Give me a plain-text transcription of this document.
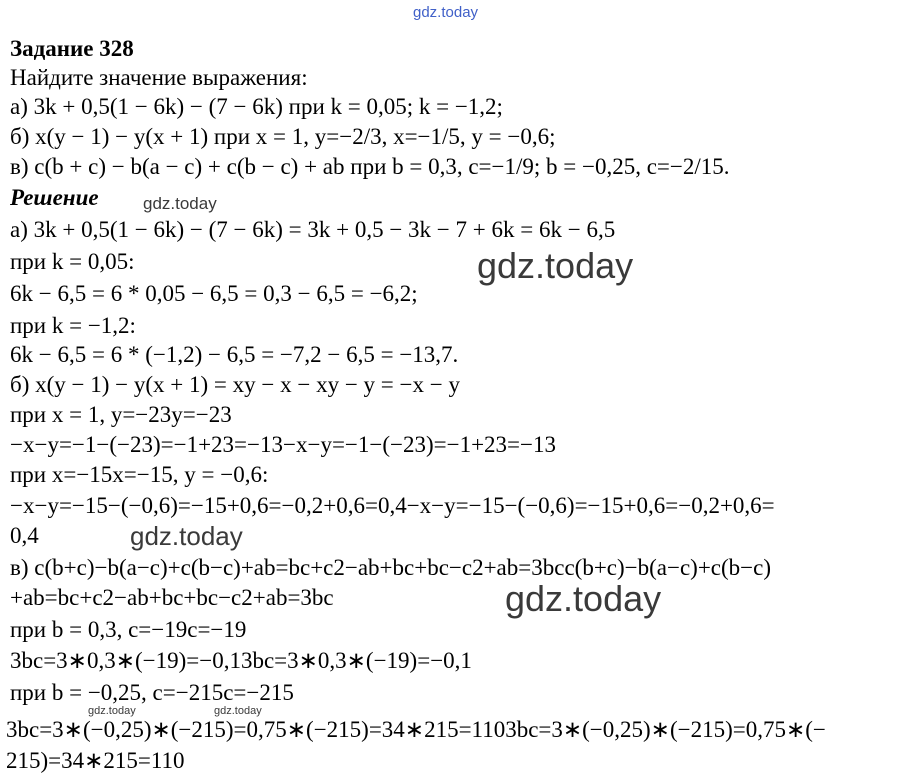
gdz.today
gdz.today
gdz.today
gdz.today
gdz.today
gdz.today	gdz.today
Задание 328
Найдите значение выражения:
а) 3k + 0,5(1 − 6k) − (7 − 6k) при k = 0,05; k = −1,2;
б) x(y − 1) − y(x + 1) при x = 1, y=−2/3, x=−1/5, y = −0,6;
в) c(b + c) − b(a − c) + c(b − c) + ab при b = 0,3, c=−1/9; b = −0,25, c=−2/15.
Решение
а) 3k + 0,5(1 − 6k) − (7 − 6k) = 3k + 0,5 − 3k − 7 + 6k = 6k − 6,5
при k = 0,05:
6k − 6,5 = 6 * 0,05 − 6,5 = 0,3 − 6,5 = −6,2;
при k = −1,2:
6k − 6,5 = 6 * (−1,2) − 6,5 = −7,2 − 6,5 = −13,7.
б) x(y − 1) − y(x + 1) = xy − x − xy − y = −x − y
при x = 1, y=−23y=−23
−x−y=−1−(−23)=−1+23=−13−x−y=−1−(−23)=−1+23=−13
при x=−15x=−15, y = −0,6:
−x−y=−15−(−0,6)=−15+0,6=−0,2+0,6=0,4−x−y=−15−(−0,6)=−15+0,6=−0,2+0,6=
0,4
в) c(b+c)−b(a−c)+c(b−c)+ab=bc+c2−ab+bc+bc−c2+ab=3bcc(b+c)−b(a−c)+c(b−c)
+ab=bc+c2−ab+bc+bc−c2+ab=3bc
при b = 0,3, c=−19c=−19
3bc=3∗0,3∗(−19)=−0,13bc=3∗0,3∗(−19)=−0,1
при b = −0,25, c=−215c=−215
3bc=3∗(−0,25)∗(−215)=0,75∗(−215)=34∗215=1103bc=3∗(−0,25)∗(−215)=0,75∗(−
215)=34∗215=110
